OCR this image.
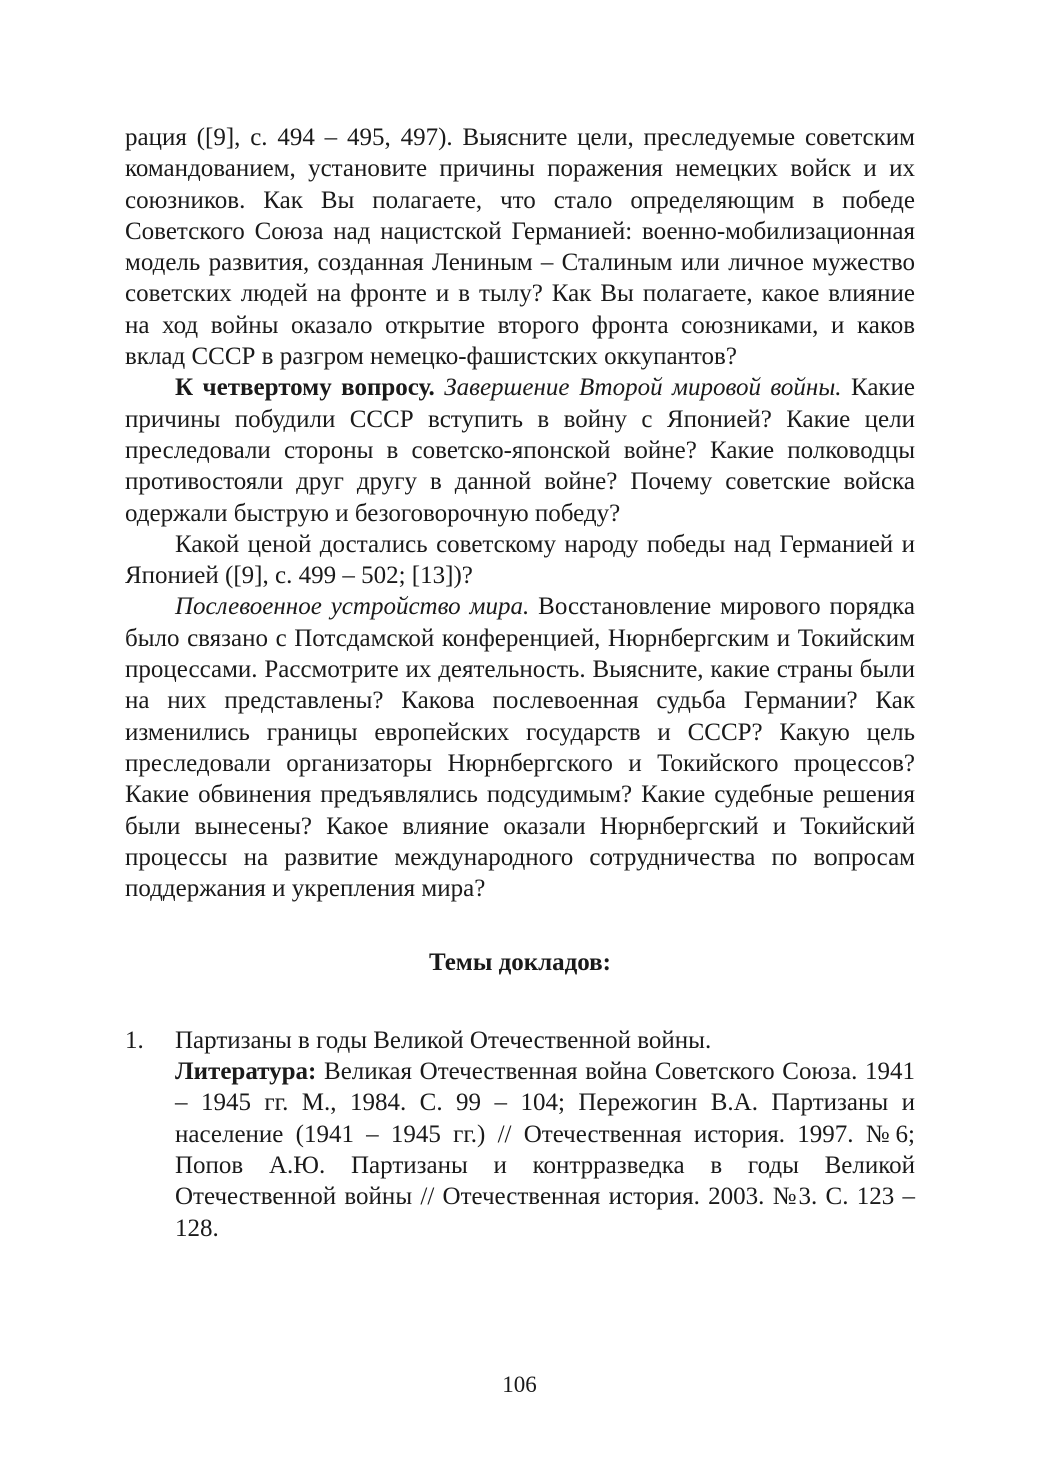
рация ([9], с. 494 – 495, 497). Выясните цели, преследуемые советским командованием, установите причины поражения немецких войск и их союзников. Как Вы полагаете, что стало определяющим в победе Советского Союза над нацистской Германией: военно-мобилизационная модель развития, созданная Лениным – Сталиным или личное мужество советских людей на фронте и в тылу? Как Вы полагаете, какое влияние на ход войны оказало открытие второго фронта союзниками, и каков вклад СССР в разгром немецко-фашистских оккупантов?

К четвертому вопросу. Завершение Второй мировой войны. Какие причины побудили СССР вступить в войну с Японией? Какие цели преследовали стороны в советско-японской войне? Какие полководцы противостояли друг другу в данной войне? Почему советские войска одержали быструю и безоговорочную победу?

Какой ценой достались советскому народу победы над Германией и Японией ([9], с. 499 – 502; [13])?

Послевоенное устройство мира. Восстановление мирового порядка было связано с Потсдамской конференцией, Нюрнбергским и Токийским процессами. Рассмотрите их деятельность. Выясните, какие страны были на них представлены? Какова послевоенная судьба Германии? Как изменились границы европейских государств и СССР? Какую цель преследовали организаторы Нюрнбергского и Токийского процессов? Какие обвинения предъявлялись подсудимым? Какие судебные решения были вынесены? Какое влияние оказали Нюрнбергский и Токийский процессы на развитие международного сотрудничества по вопросам поддержания и укрепления мира?

Темы докладов:
1. Партизаны в годы Великой Отечественной войны.

Литература: Великая Отечественная война Советского Союза. 1941 – 1945 гг. М., 1984. С. 99 – 104; Пережогин В.А. Партизаны и население (1941 – 1945 гг.) // Отечественная история. 1997. №6; Попов А.Ю. Партизаны и контрразведка в годы Великой Отечественной войны // Отечественная история. 2003. №3. С. 123 – 128.

106
